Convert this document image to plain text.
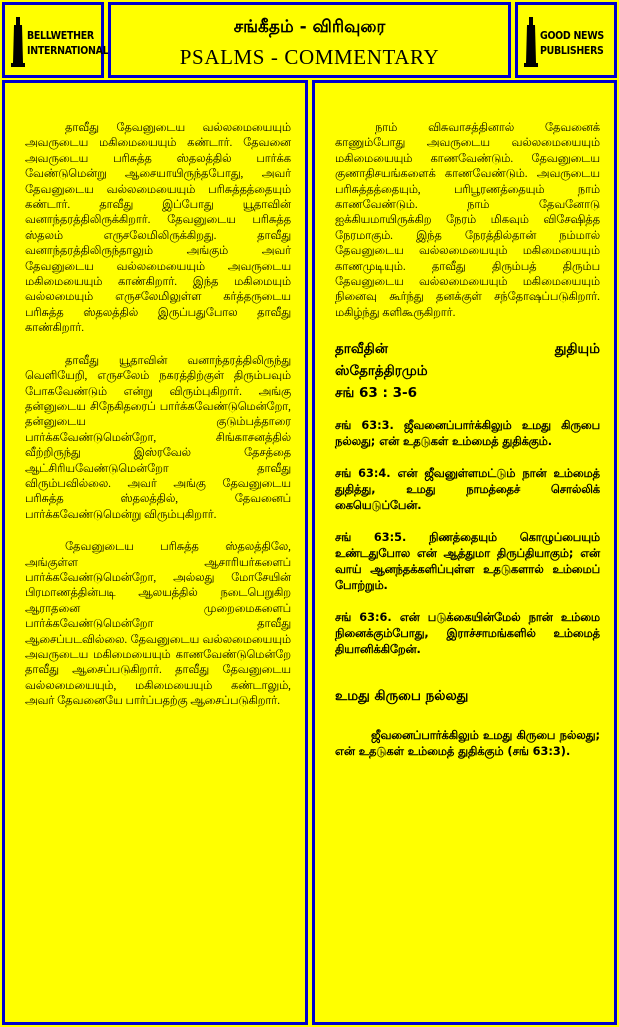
BELLWETHER
INTERNATIONAL
சங்கீதம் - விரிவுரை
PSALMS - COMMENTARY
GOOD NEWS
PUBLISHERS

தாவீது தேவனுடைய வல்லமையையும் அவருடைய மகிமையையும் கண்டார். தேவனை அவருடைய பரிசுத்த ஸ்தலத்தில் பார்க்க வேண்டுமென்று ஆசையாயிருந்தபோது, அவர் தேவனுடைய வல்லமையையும் பரிசுத்தத்தையும் கண்டார். தாவீது இப்போது யூதாவின் வனாந்தரத்திலிருக்கிறார். தேவனுடைய பரிசுத்த ஸ்தலம் எருசலேமிலிருக்கிறது. தாவீது வனாந்தரத்திலிருந்தாலும் அங்கும் அவர் தேவனுடைய வல்லமையையும் அவருடைய மகிமையையும் காண்கிறார். இந்த மகிமையும் வல்லமையும் எருசலேமிலுள்ள கர்த்தருடைய பரிசுத்த ஸ்தலத்தில் இருப்பதுபோல தாவீது காண்கிறார்.

தாவீது யூதாவின் வனாந்தரத்திலிருந்து வெளியேறி, எருசலேம் நகரத்திற்குள் திரும்பவும் போகவேண்டும் என்று விரும்புகிறார். அங்கு தன்னுடைய சிநேகிதரைப் பார்க்கவேண்டுமென்றோ, தன்னுடைய குடும்பத்தாரை பார்க்கவேண்டுமென்றோ, சிங்காசனத்தில் வீற்றிருந்து இஸ்ரவேல் தேசத்தை ஆட்சிரியவேண்டுமென்றோ தாவீது விரும்பவில்லை. அவர் அங்கு தேவனுடைய பரிசுத்த ஸ்தலத்தில், தேவனைப் பார்க்கவேண்டுமென்று விரும்புகிறார்.

தேவனுடைய பரிசுத்த ஸ்தலத்திலே, அங்குள்ள ஆசாரியர்களைப் பார்க்கவேண்டுமென்றோ, அல்லது மோசேயின் பிரமாணத்தின்படி ஆலயத்தில் நடைபெறுகிற ஆராதனை முறைமைகளைப் பார்க்கவேண்டுமென்றோ தாவீது ஆசைப்படவில்லை. தேவனுடைய வல்லமையையும் அவருடைய மகிமையையும் காணவேண்டுமென்றே தாவீது ஆசைப்படுகிறார். தாவீது தேவனுடைய வல்லமையையும், மகிமையையும் கண்டாலும், அவர் தேவனையே பார்ப்பதற்கு ஆசைப்படுகிறார்.

நாம் விசுவாசத்தினால் தேவனைக் காணும்போது அவருடைய வல்லமையையும் மகிமையையும் காணவேண்டும். தேவனுடைய குணாதிசயங்களைக் காணவேண்டும். அவருடைய பரிசுத்தத்தையும், பரிபூரணத்தையும் நாம் காணவேண்டும். நாம் தேவனோடு ஐக்கியமாயிருக்கிற நேரம் மிகவும் விசேஷித்த நேரமாகும். இந்த நேரத்தில்தான் நம்மால் தேவனுடைய வல்லமையையும் மகிமையையும் காணமுடியும். தாவீது திரும்பத் திரும்ப தேவனுடைய வல்லமையையும் மகிமையையும் நினைவு கூர்ந்து தனக்குள் சந்தோஷப்படுகிறார். மகிழ்ந்து களிகூருகிறார்.

தாவீதின்	துதியும்
ஸ்தோத்திரமும்
சங் 63 : 3-6

சங் 63:3. ஜீவனைப்பார்க்கிலும் உமது கிருபை நல்லது; என் உதடுகள் உம்மைத் துதிக்கும்.

சங் 63:4. என் ஜீவனுள்ளமட்டும் நான் உம்மைத் துதித்து, உமது நாமத்தைச் சொல்லிக் கையெடுப்பேன்.

சங் 63:5. நிணத்தையும் கொழுப்பையும் உண்டதுபோல என் ஆத்துமா திருப்தியாகும்; என் வாய் ஆனந்தக்களிப்புள்ள உதடுகளால் உம்மைப் போற்றும்.

சங் 63:6. என் படுக்கையின்மேல் நான் உம்மை நினைக்கும்போது, இராச்சாமங்களில் உம்மைத் தியானிக்கிறேன்.

உமது கிருபை நல்லது

ஜீவனைப்பார்க்கிலும் உமது கிருபை நல்லது; என் உதடுகள் உம்மைத் துதிக்கும் (சங் 63:3).
